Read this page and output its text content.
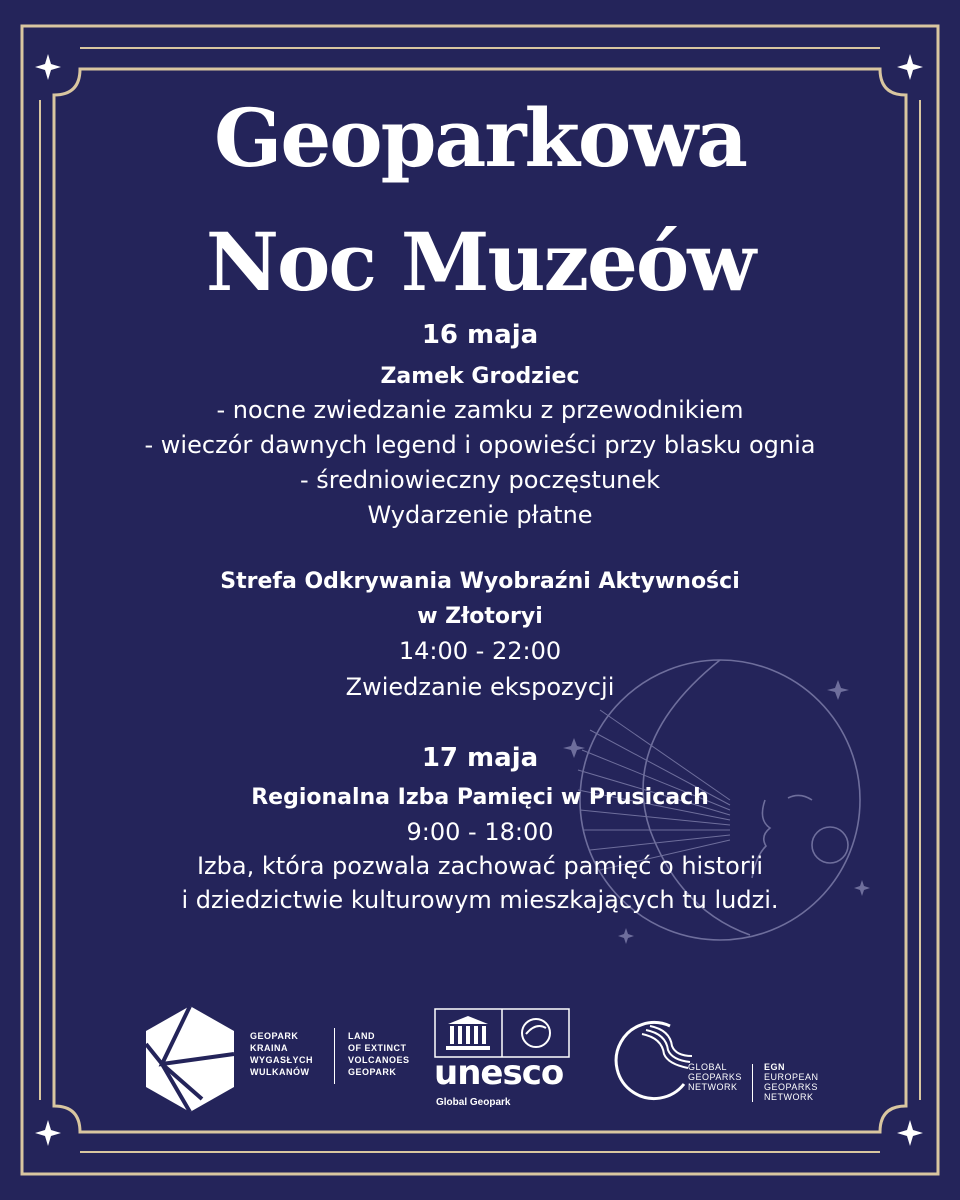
Geoparkowa
Noc Muzeów
16 maja
Zamek Grodziec
- nocne zwiedzanie zamku z przewodnikiem
- wieczór dawnych legend i opowieści przy blasku ognia
- średniowieczny poczęstunek
Wydarzenie płatne
Strefa Odkrywania Wyobraźni Aktywności
w Złotoryi
14:00 - 22:00
Zwiedzanie ekspozycji
17 maja
Regionalna Izba Pamięci w Prusicach
9:00 - 18:00
Izba, która pozwala zachować pamięć o historii
i dziedzictwie kulturowym mieszkających tu ludzi.
GEOPARK
KRAINA
WYGASŁYCH
WULKANÓW
LAND
OF EXTINCT
VOLCANOES
GEOPARK	unesco
Global Geopark
GLOBAL
GEOPARKS
NETWORK
EGN
EUROPEAN
GEOPARKS
NETWORK
